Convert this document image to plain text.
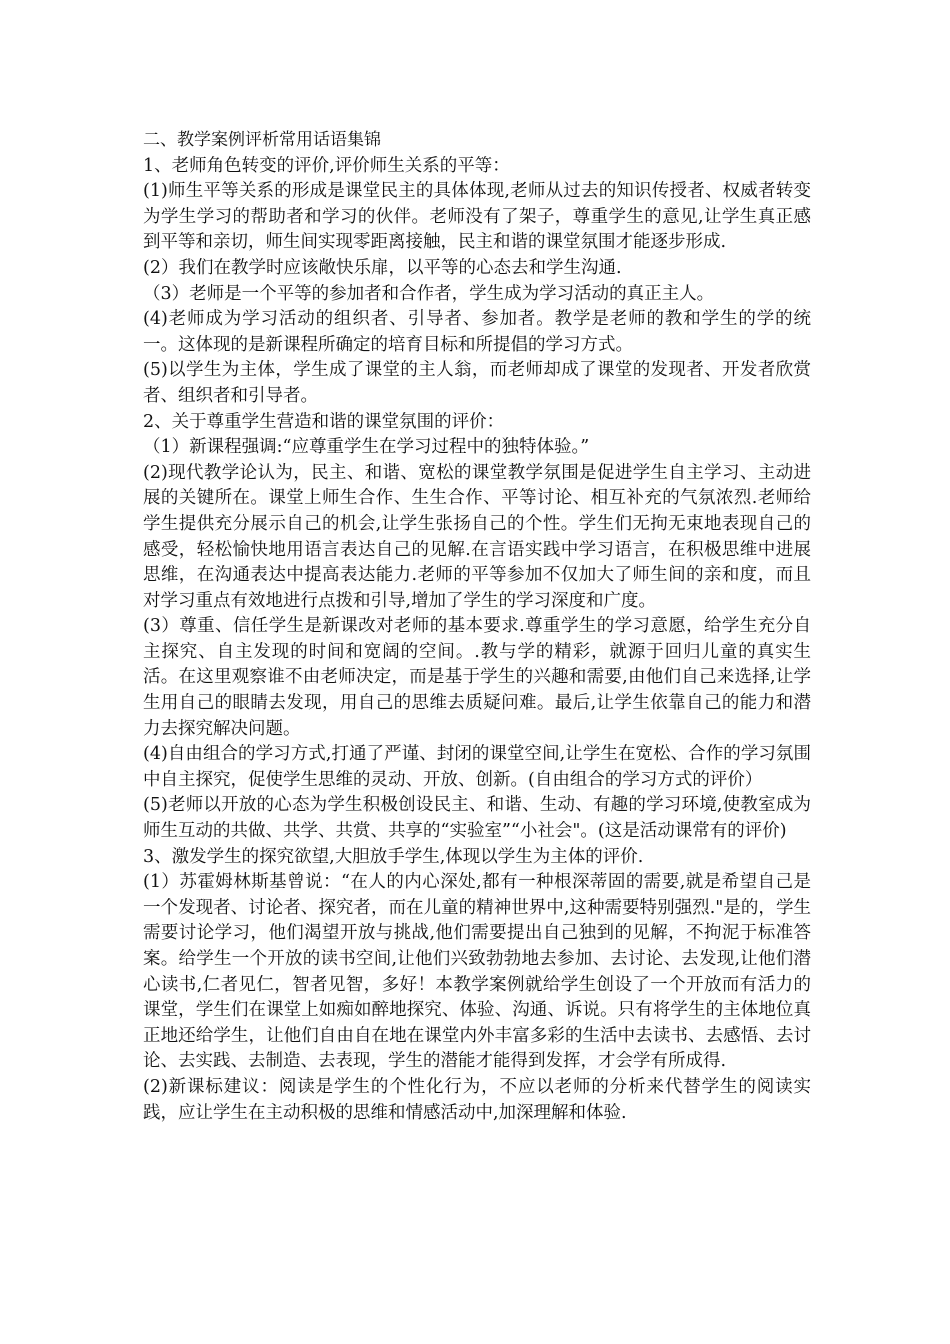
二、教学案例评析常用话语集锦

1、老师角色转变的评价,评价师生关系的平等：

(1)师生平等关系的形成是课堂民主的具体体现,老师从过去的知识传授者、权威者转变为学生学习的帮助者和学习的伙伴。老师没有了架子，尊重学生的意见,让学生真正感到平等和亲切，师生间实现零距离接触，民主和谐的课堂氛围才能逐步形成.

(2）我们在教学时应该敞快乐扉，以平等的心态去和学生沟通.

（3）老师是一个平等的参加者和合作者，学生成为学习活动的真正主人。

(4)老师成为学习活动的组织者、引导者、参加者。教学是老师的教和学生的学的统一。这体现的是新课程所确定的培育目标和所提倡的学习方式。

(5)以学生为主体，学生成了课堂的主人翁，而老师却成了课堂的发现者、开发者欣赏者、组织者和引导者。

2、关于尊重学生营造和谐的课堂氛围的评价：

（1）新课程强调:“应尊重学生在学习过程中的独特体验。”

(2)现代教学论认为，民主、和谐、宽松的课堂教学氛围是促进学生自主学习、主动进展的关键所在。课堂上师生合作、生生合作、平等讨论、相互补充的气氛浓烈.老师给学生提供充分展示自己的机会,让学生张扬自己的个性。学生们无拘无束地表现自己的感受，轻松愉快地用语言表达自己的见解.在言语实践中学习语言，在积极思维中进展思维，在沟通表达中提高表达能力.老师的平等参加不仅加大了师生间的亲和度，而且对学习重点有效地进行点拨和引导,增加了学生的学习深度和广度。

(3）尊重、信任学生是新课改对老师的基本要求.尊重学生的学习意愿，给学生充分自主探究、自主发现的时间和宽阔的空间。.教与学的精彩，就源于回归儿童的真实生活。在这里观察谁不由老师决定，而是基于学生的兴趣和需要,由他们自己来选择,让学生用自己的眼睛去发现，用自己的思维去质疑问难。最后,让学生依靠自己的能力和潜力去探究解决问题。

(4)自由组合的学习方式,打通了严谨、封闭的课堂空间,让学生在宽松、合作的学习氛围中自主探究，促使学生思维的灵动、开放、创新。(自由组合的学习方式的评价）

(5)老师以开放的心态为学生积极创设民主、和谐、生动、有趣的学习环境,使教室成为师生互动的共做、共学、共赏、共享的“实验室”“小社会"。(这是活动课常有的评价)

3、激发学生的探究欲望,大胆放手学生,体现以学生为主体的评价.

(1）苏霍姆林斯基曾说：“在人的内心深处,都有一种根深蒂固的需要,就是希望自己是一个发现者、讨论者、探究者，而在儿童的精神世界中,这种需要特别强烈."是的，学生需要讨论学习，他们渴望开放与挑战,他们需要提出自己独到的见解，不拘泥于标准答案。给学生一个开放的读书空间,让他们兴致勃勃地去参加、去讨论、去发现,让他们潜心读书,仁者见仁，智者见智，多好！本教学案例就给学生创设了一个开放而有活力的课堂，学生们在课堂上如痴如醉地探究、体验、沟通、诉说。只有将学生的主体地位真正地还给学生，让他们自由自在地在课堂内外丰富多彩的生活中去读书、去感悟、去讨论、去实践、去制造、去表现，学生的潜能才能得到发挥，才会学有所成得.

(2)新课标建议：阅读是学生的个性化行为，不应以老师的分析来代替学生的阅读实践，应让学生在主动积极的思维和情感活动中,加深理解和体验.
